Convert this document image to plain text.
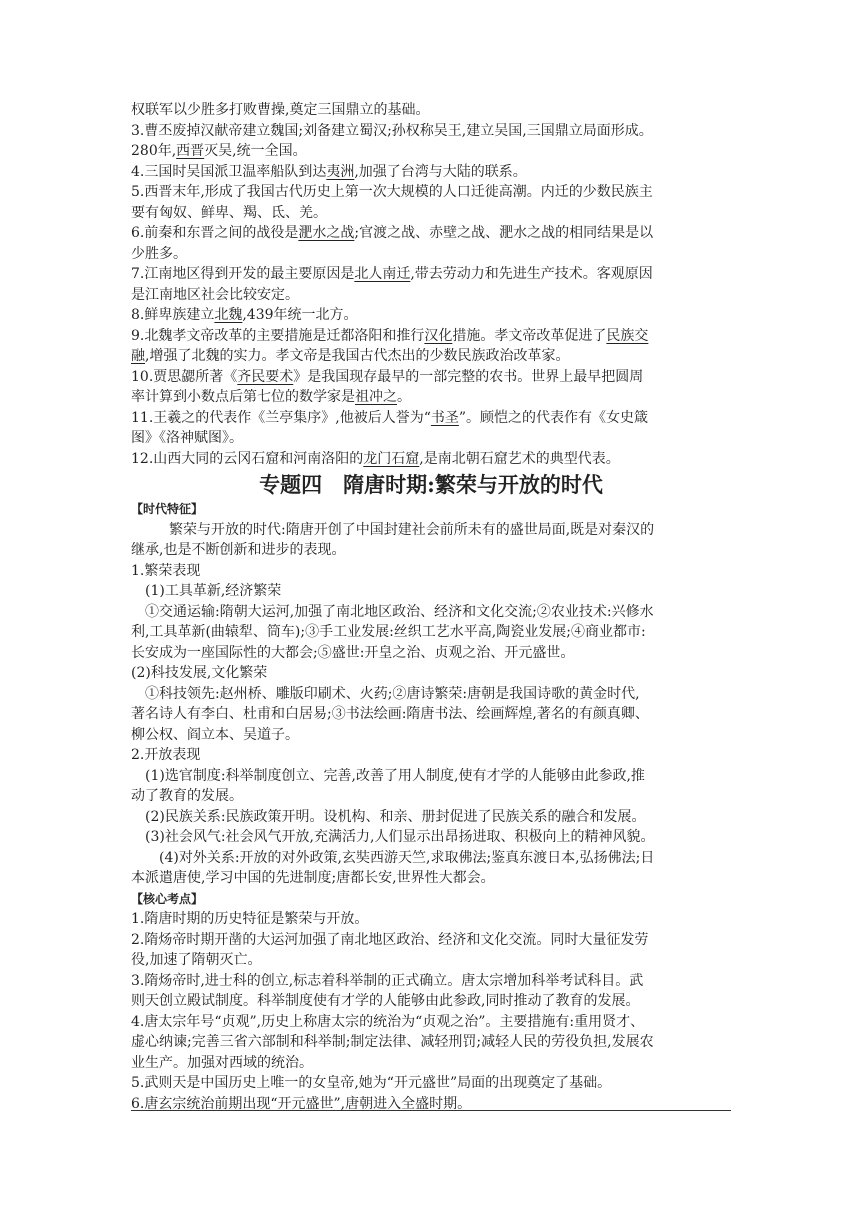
权联军以少胜多打败曹操,奠定三国鼎立的基础。

3.曹丕废掉汉献帝建立魏国;刘备建立蜀汉;孙权称吴王,建立吴国,三国鼎立局面形成。

280年,西晋灭吴,统一全国。

4.三国时吴国派卫温率船队到达夷洲,加强了台湾与大陆的联系。

5.西晋末年,形成了我国古代历史上第一次大规模的人口迁徙高潮。内迁的少数民族主

要有匈奴、鲜卑、羯、氐、羌。

6.前秦和东晋之间的战役是淝水之战;官渡之战、赤壁之战、淝水之战的相同结果是以

少胜多。

7.江南地区得到开发的最主要原因是北人南迁,带去劳动力和先进生产技术。客观原因

是江南地区社会比较安定。

8.鲜卑族建立北魏,439年统一北方。

9.北魏孝文帝改革的主要措施是迁都洛阳和推行汉化措施。孝文帝改革促进了民族交

融,增强了北魏的实力。孝文帝是我国古代杰出的少数民族政治改革家。

10.贾思勰所著《齐民要术》是我国现存最早的一部完整的农书。世界上最早把圆周

率计算到小数点后第七位的数学家是祖冲之。

11.王羲之的代表作《兰亭集序》,他被后人誉为“书圣”。顾恺之的代表作有《女史箴

图》《洛神赋图》。

12.山西大同的云冈石窟和河南洛阳的龙门石窟,是南北朝石窟艺术的典型代表。

专题四　隋唐时期:繁荣与开放的时代

【时代特征】

繁荣与开放的时代:隋唐开创了中国封建社会前所未有的盛世局面,既是对秦汉的

继承,也是不断创新和进步的表现。

1.繁荣表现

(1)工具革新,经济繁荣

①交通运输:隋朝大运河,加强了南北地区政治、经济和文化交流;②农业技术:兴修水

利,工具革新(曲辕犁、筒车);③手工业发展:丝织工艺水平高,陶瓷业发展;④商业都市:

长安成为一座国际性的大都会;⑤盛世:开皇之治、贞观之治、开元盛世。

(2)科技发展,文化繁荣

①科技领先:赵州桥、雕版印刷术、火药;②唐诗繁荣:唐朝是我国诗歌的黄金时代,

著名诗人有李白、杜甫和白居易;③书法绘画:隋唐书法、绘画辉煌,著名的有颜真卿、

柳公权、阎立本、吴道子。

2.开放表现

(1)选官制度:科举制度创立、完善,改善了用人制度,使有才学的人能够由此参政,推

动了教育的发展。

(2)民族关系:民族政策开明。设机构、和亲、册封促进了民族关系的融合和发展。

(3)社会风气:社会风气开放,充满活力,人们显示出昂扬进取、积极向上的精神风貌。

(4)对外关系:开放的对外政策,玄奘西游天竺,求取佛法;鉴真东渡日本,弘扬佛法;日

本派遣唐使,学习中国的先进制度;唐都长安,世界性大都会。

【核心考点】

1.隋唐时期的历史特征是繁荣与开放。

2.隋炀帝时期开凿的大运河加强了南北地区政治、经济和文化交流。同时大量征发劳

役,加速了隋朝灭亡。

3.隋炀帝时,进士科的创立,标志着科举制的正式确立。唐太宗增加科举考试科目。武

则天创立殿试制度。科举制度使有才学的人能够由此参政,同时推动了教育的发展。

4.唐太宗年号“贞观”,历史上称唐太宗的统治为“贞观之治”。主要措施有:重用贤才、

虚心纳谏;完善三省六部制和科举制;制定法律、减轻刑罚;减轻人民的劳役负担,发展农

业生产。加强对西域的统治。

5.武则天是中国历史上唯一的女皇帝,她为“开元盛世”局面的出现奠定了基础。

6.唐玄宗统治前期出现“开元盛世”,唐朝进入全盛时期。
